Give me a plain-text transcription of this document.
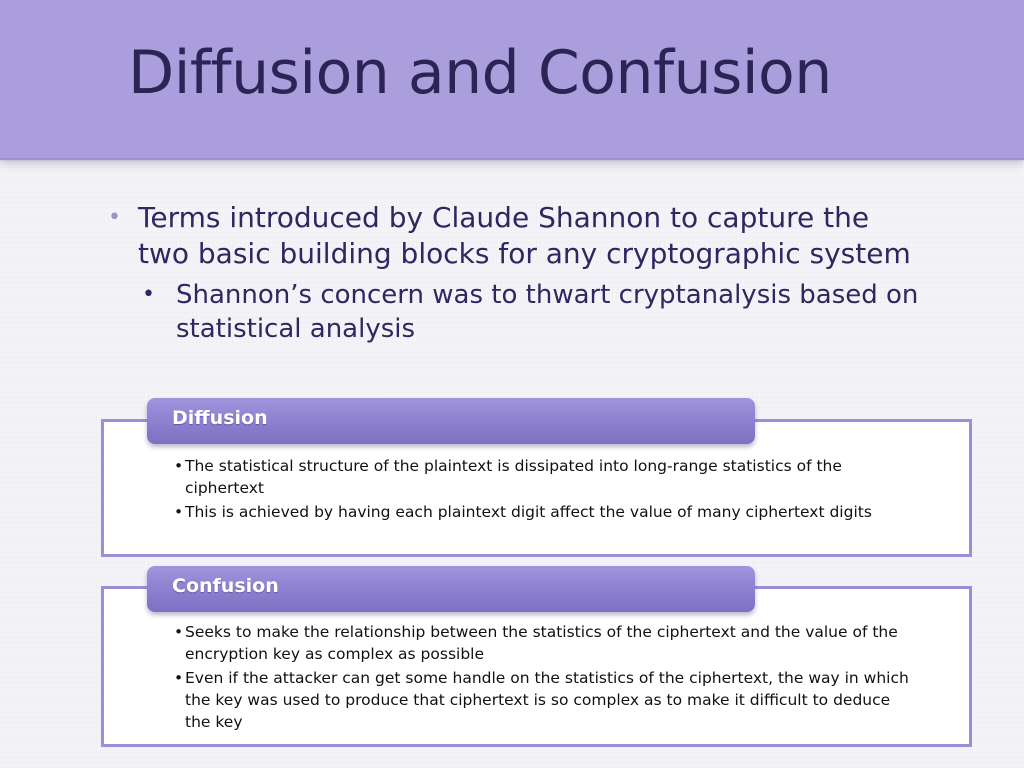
Diffusion and Confusion
• Terms introduced by Claude Shannon to capture the two basic building blocks for any cryptographic system
• Shannon’s concern was to thwart cryptanalysis based on statistical analysis
• The statistical structure of the plaintext is dissipated into long-range statistics of the ciphertext
• This is achieved by having each plaintext digit affect the value of many ciphertext digits
Diffusion
• Seeks to make the relationship between the statistics of the ciphertext and the value of the encryption key as complex as possible
• Even if the attacker can get some handle on the statistics of the ciphertext, the way in which the key was used to produce that ciphertext is so complex as to make it difficult to deduce the key
Confusion
